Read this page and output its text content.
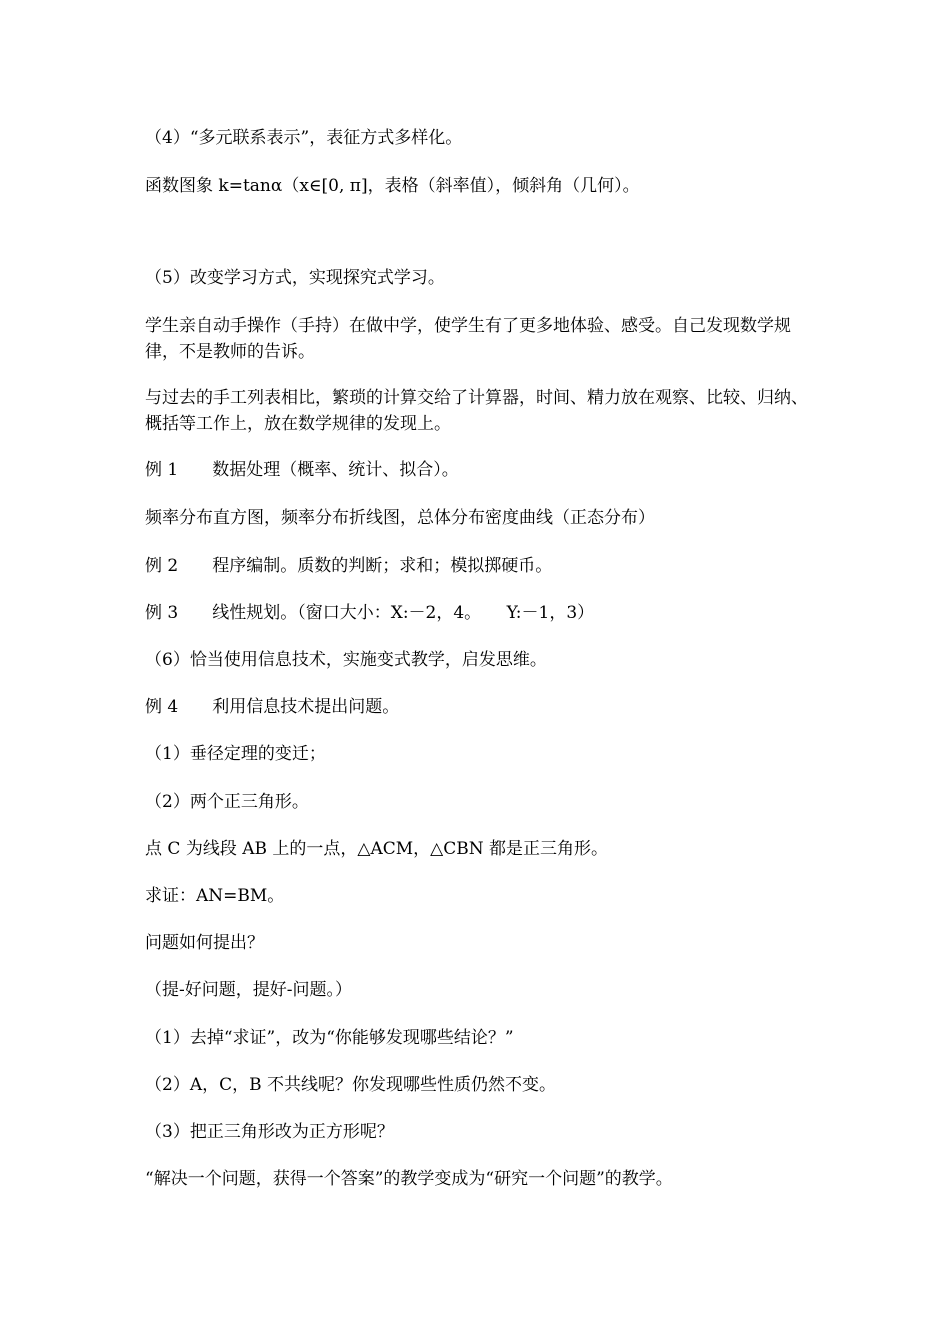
（4）“多元联系表示”，表征方式多样化。

函数图象 k=tanα（x∈[0, π]，表格（斜率值），倾斜角（几何）。

（5）改变学习方式，实现探究式学习。

学生亲自动手操作（手持）在做中学，使学生有了更多地体验、感受。自己发现数学规律，不是教师的告诉。

与过去的手工列表相比，繁琐的计算交给了计算器，时间、精力放在观察、比较、归纳、概括等工作上，放在数学规律的发现上。

例 1　　数据处理（概率、统计、拟合）。

频率分布直方图，频率分布折线图，总体分布密度曲线（正态分布）

例 2　　程序编制。质数的判断；求和；模拟掷硬币。

例 3　　线性规划。（窗口大小：X:－2，4。　　Y:－1，3）

（6）恰当使用信息技术，实施变式教学，启发思维。

例 4　　利用信息技术提出问题。

（1）垂径定理的变迁；

（2）两个正三角形。

点 C 为线段 AB 上的一点，△ACM，△CBN 都是正三角形。

求证：AN=BM。

问题如何提出？

（提-好问题，提好-问题。）

（1）去掉“求证”，改为“你能够发现哪些结论？”

（2）A，C，B 不共线呢？你发现哪些性质仍然不变。

（3）把正三角形改为正方形呢？

“解决一个问题，获得一个答案”的教学变成为“研究一个问题”的教学。
